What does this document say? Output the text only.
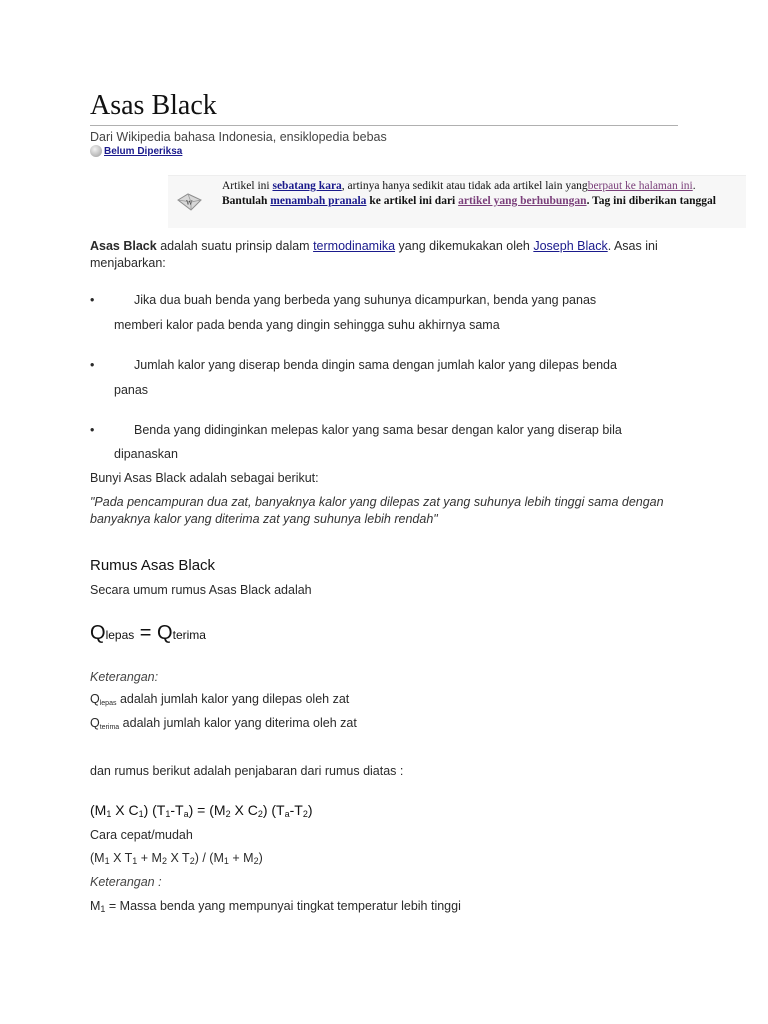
Asas Black
Dari Wikipedia bahasa Indonesia, ensiklopedia bebas
Belum Diperiksa
W
Artikel ini sebatang kara, artinya hanya sedikit atau tidak ada artikel lain yangberpaut ke halaman ini. Bantulah menambah pranala ke artikel ini dari artikel yang berhubungan. Tag ini diberikan tanggal
Asas Black adalah suatu prinsip dalam termodinamika yang dikemukakan oleh Joseph Black. Asas ini menjabarkan:
•	Jika dua buah benda yang berbeda yang suhunya dicampurkan, benda yang panas
memberi kalor pada benda yang dingin sehingga suhu akhirnya sama
•	Jumlah kalor yang diserap benda dingin sama dengan jumlah kalor yang dilepas benda
panas
•	Benda yang didinginkan melepas kalor yang sama besar dengan kalor yang diserap bila
dipanaskan
Bunyi Asas Black adalah sebagai berikut:
"Pada pencampuran dua zat, banyaknya kalor yang dilepas zat yang suhunya lebih tinggi sama dengan banyaknya kalor yang diterima zat yang suhunya lebih rendah"
Rumus Asas Black
Secara umum rumus Asas Black adalah
Qlepas = Qterima
Keterangan:
Qlepas adalah jumlah kalor yang dilepas oleh zat
Qterima adalah jumlah kalor yang diterima oleh zat
dan rumus berikut adalah penjabaran dari rumus diatas :
(M1 X C1) (T1-Ta) = (M2 X C2) (Ta-T2)
Cara cepat/mudah
(M1 X T1 + M2 X T2) / (M1 + M2)
Keterangan :
M1 = Massa benda yang mempunyai tingkat temperatur lebih tinggi
